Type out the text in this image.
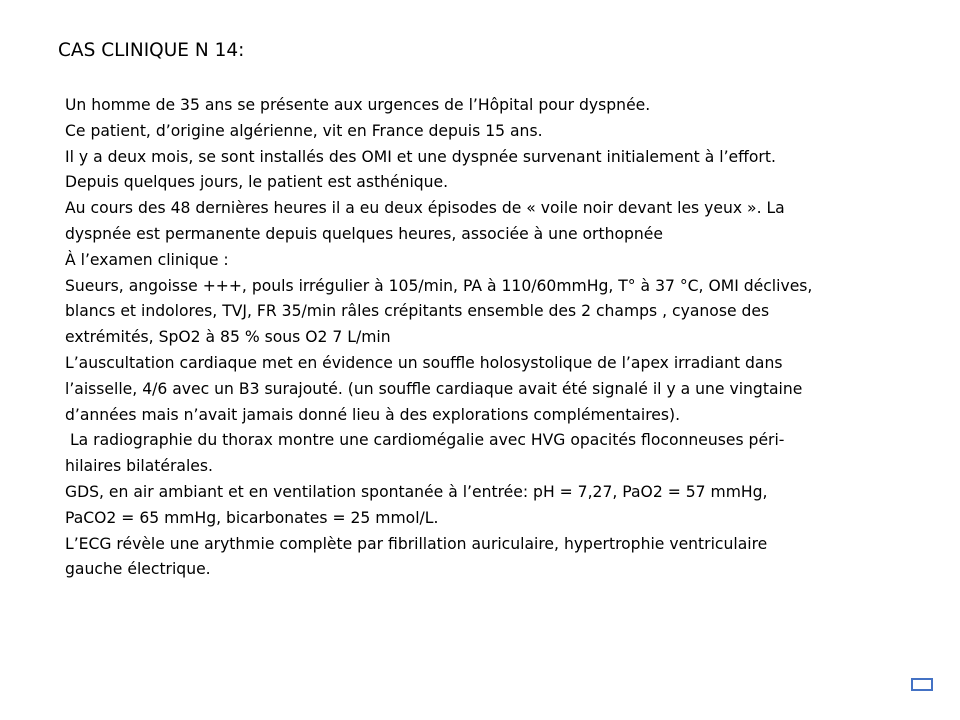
CAS CLINIQUE N 14:
Un homme de 35 ans se présente aux urgences de l’Hôpital pour dyspnée.
Ce patient, d’origine algérienne, vit en France depuis 15 ans.
Il y a deux mois, se sont installés des OMI et une dyspnée survenant initialement à l’effort.
Depuis quelques jours, le patient est asthénique.
Au cours des 48 dernières heures il a eu deux épisodes de « voile noir devant les yeux ». La
dyspnée est permanente depuis quelques heures, associée à une orthopnée
À l’examen clinique :
Sueurs, angoisse +++, pouls irrégulier à 105/min, PA à 110/60mmHg, T° à 37 °C, OMI déclives,
blancs et indolores, TVJ, FR 35/min râles crépitants ensemble des 2 champs , cyanose des
extrémités, SpO2 à 85 % sous O2 7 L/min
L’auscultation cardiaque met en évidence un souffle holosystolique de l’apex irradiant dans
l’aisselle, 4/6 avec un B3 surajouté. (un souffle cardiaque avait été signalé il y a une vingtaine
d’années mais n’avait jamais donné lieu à des explorations complémentaires).
La radiographie du thorax montre une cardiomégalie avec HVG opacités floconneuses péri-
hilaires bilatérales.
GDS, en air ambiant et en ventilation spontanée à l’entrée: pH = 7,27, PaO2 = 57 mmHg,
PaCO2 = 65 mmHg, bicarbonates = 25 mmol/L.
L’ECG révèle une arythmie complète par fibrillation auriculaire, hypertrophie ventriculaire
gauche électrique.
